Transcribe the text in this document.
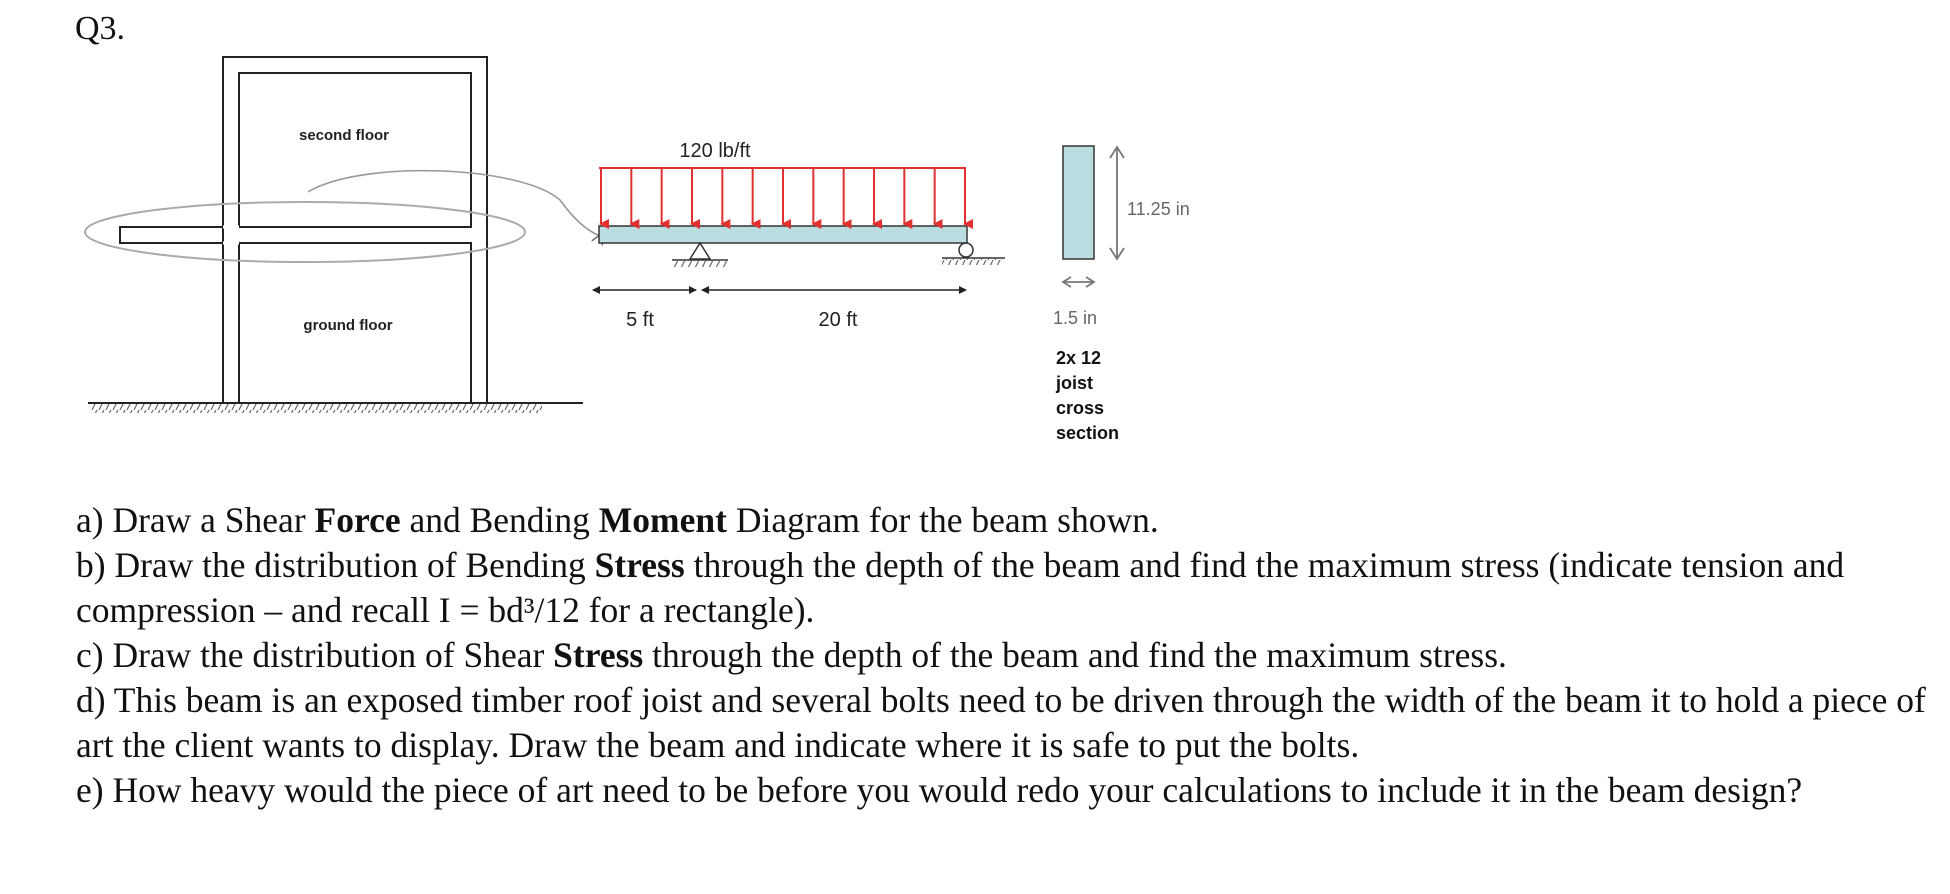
Q3.
second floor
ground floor
120 lb/ft
5 ft	20 ft
11.25 in
1.5 in
2x 12
joist
cross
section
a) Draw a Shear Force and Bending Moment Diagram for the beam shown.
b) Draw the distribution of Bending Stress through the depth of the beam and find the maximum stress (indicate tension and compression – and recall I = bd³/12 for a rectangle).
c) Draw the distribution of Shear Stress through the depth of the beam and find the maximum stress.
d) This beam is an exposed timber roof joist and several bolts need to be driven through the width of the beam it to hold a piece of art the client wants to display. Draw the beam and indicate where it is safe to put the bolts.
e) How heavy would the piece of art need to be before you would redo your calculations to include it in the beam design?
